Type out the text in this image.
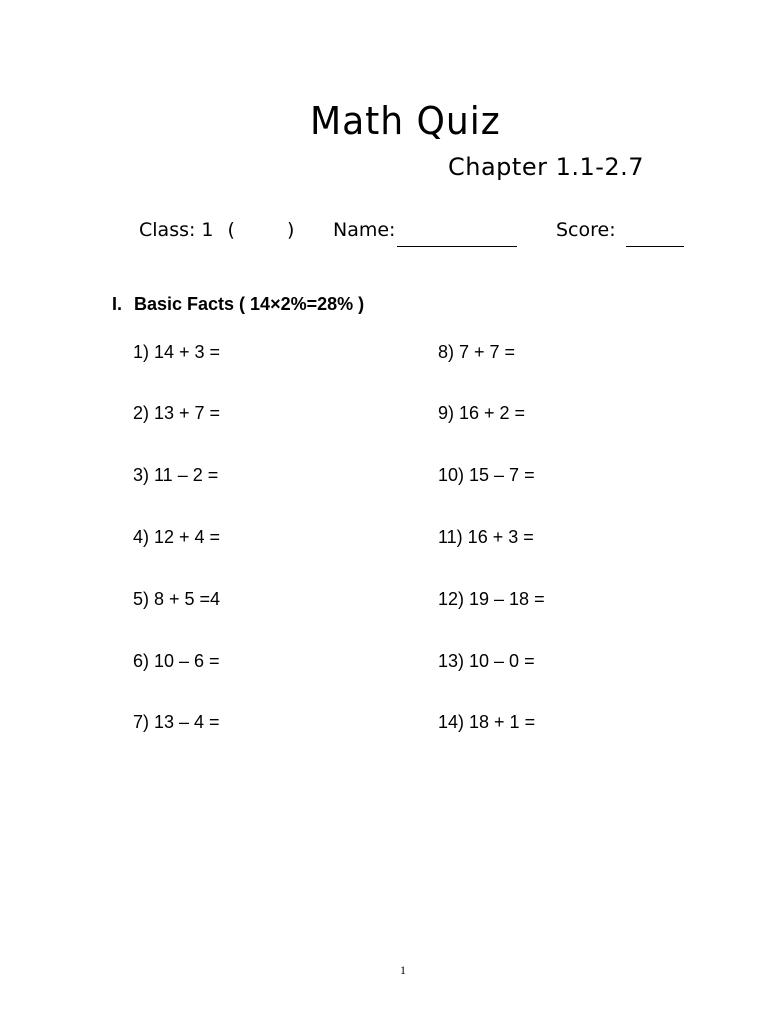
Math Quiz
Chapter 1.1-2.7
Class: 1 (	) Name:	Score:
I. Basic Facts ( 14×2%=28% )
1) 14 + 3 =
2) 13 + 7 =
3) 11 – 2 =
4) 12 + 4 =
5) 8 + 5 =4
6) 10 – 6 =
7) 13 – 4 =
8) 7 + 7 =
9) 16 + 2 =
10) 15 – 7 =
11) 16 + 3 =
12) 19 – 18 =
13) 10 – 0 =
14) 18 + 1 =
1
